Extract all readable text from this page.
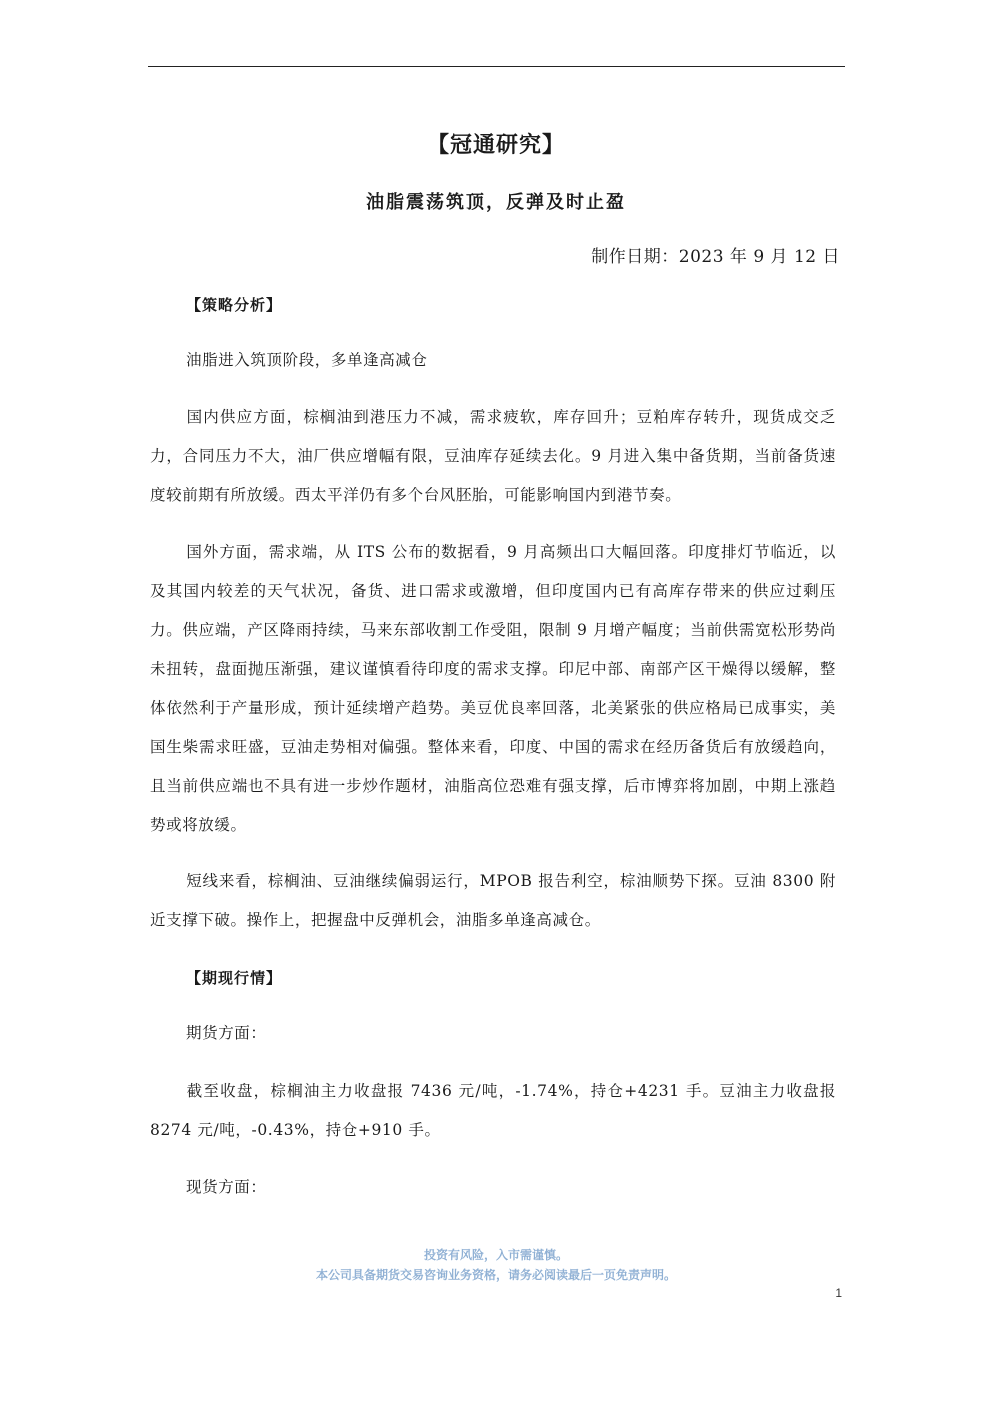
【冠通研究】
油脂震荡筑顶，反弹及时止盈
制作日期：2023 年 9 月 12 日
【策略分析】
油脂进入筑顶阶段，多单逢高减仓
国内供应方面，棕榈油到港压力不减，需求疲软，库存回升；豆粕库存转升，现货成交乏力，合同压力不大，油厂供应增幅有限，豆油库存延续去化。9 月进入集中备货期，当前备货速度较前期有所放缓。西太平洋仍有多个台风胚胎，可能影响国内到港节奏。
国外方面，需求端，从 ITS 公布的数据看，9 月高频出口大幅回落。印度排灯节临近，以及其国内较差的天气状况，备货、进口需求或激增，但印度国内已有高库存带来的供应过剩压力。供应端，产区降雨持续，马来东部收割工作受阻，限制 9 月增产幅度；当前供需宽松形势尚未扭转，盘面抛压渐强，建议谨慎看待印度的需求支撑。印尼中部、南部产区干燥得以缓解，整体依然利于产量形成，预计延续增产趋势。美豆优良率回落，北美紧张的供应格局已成事实，美国生柴需求旺盛，豆油走势相对偏强。整体来看，印度、中国的需求在经历备货后有放缓趋向，且当前供应端也不具有进一步炒作题材，油脂高位恐难有强支撑，后市博弈将加剧，中期上涨趋势或将放缓。
短线来看，棕榈油、豆油继续偏弱运行，MPOB 报告利空，棕油顺势下探。豆油 8300 附近支撑下破。操作上，把握盘中反弹机会，油脂多单逢高减仓。
【期现行情】
期货方面：
截至收盘，棕榈油主力收盘报 7436 元/吨，-1.74%，持仓+4231 手。豆油主力收盘报 8274 元/吨，-0.43%，持仓+910 手。
现货方面：
投资有风险，入市需谨慎。
本公司具备期货交易咨询业务资格，请务必阅读最后一页免责声明。
1
